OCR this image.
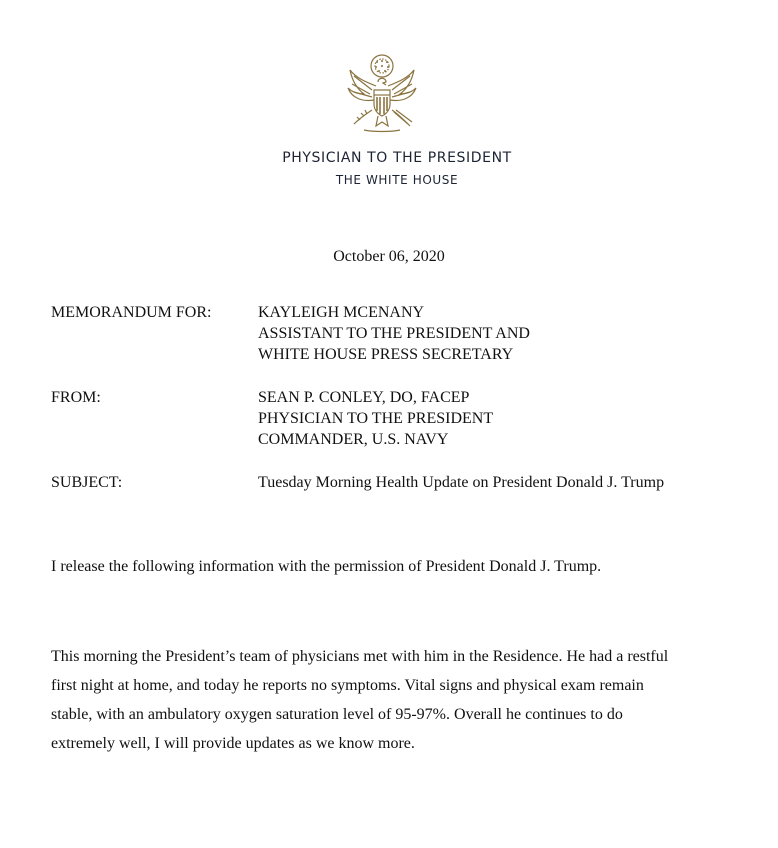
PHYSICIAN TO THE PRESIDENT
THE WHITE HOUSE
October 06, 2020
MEMORANDUM FOR:	KAYLEIGH MCENANY
ASSISTANT TO THE PRESIDENT AND
WHITE HOUSE PRESS SECRETARY
FROM:	SEAN P. CONLEY, DO, FACEP
PHYSICIAN TO THE PRESIDENT
COMMANDER, U.S. NAVY
SUBJECT:	Tuesday Morning Health Update on President Donald J. Trump
I release the following information with the permission of President Donald J. Trump.
This morning the President’s team of physicians met with him in the Residence. He had a restful
first night at home, and today he reports no symptoms. Vital signs and physical exam remain
stable, with an ambulatory oxygen saturation level of 95-97%. Overall he continues to do
extremely well, I will provide updates as we know more.
